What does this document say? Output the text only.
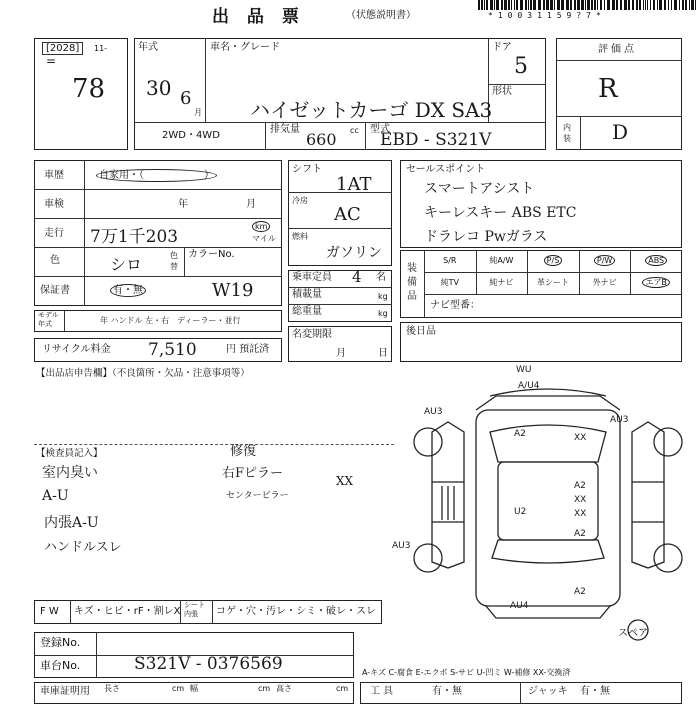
出 品 票	（状態説明書）	*10031159?7*
[2028]	11-
=
78
年式
30 6
月
車名・グレード
ハイゼットカーゴ DX SA3
ドア
5
形状
2WD・4WD
排気量
660 cc 型式
EBD - S321V
評価点
R
内装 D
車歴	自家用・（　　　　　　）
車検	年	月
走行 7万1千203
km
マイル
色	シロ	色
替
カラーNo.
保証書	有・無	W19
モデル年式	年 ハンドル 左・右　ディーラー・並行
リサイクル料金 7,510	円 預託済
シフト
1AT
冷房
AC
燃料
ガソリン
乗車定員 4 名
積載量	kg
総重量	kg
名変期限
月	日
セールスポイント
スマートアシスト
キーレスキー ABS ETC
ドラレコ Pwガラス
装備品
S/R	純A/W	P/S	P/W	ABS
純TV	純ナビ	革シート	外ナビ	エアB
ナビ型番：
後日品
【出品店申告欄】（不良箇所・欠品・注意事項等）
【検査員記入】
室内臭い
A-U
内張A-U
ハンドルスレ
修復
右Fピラー
センターピラー
XX
WU
A/U4
AU3
AU3
A2	XX
A2
XX
XX
A2
U2
AU3
AU4
A2
スペア
F W キズ・ヒビ・rF・割レX
シート内張	コゲ・穴・汚レ・シミ・破レ・スレ
登録No.
車台No.	S321V - 0376569
車庫証明用 長さ	cm 幅	cm 高さ	cm
A-キズ C-腐食 E-エクボ S-サビ U-凹ミ W-補修 XX-交換済
工 具	有・無	ジャッキ 有・無
